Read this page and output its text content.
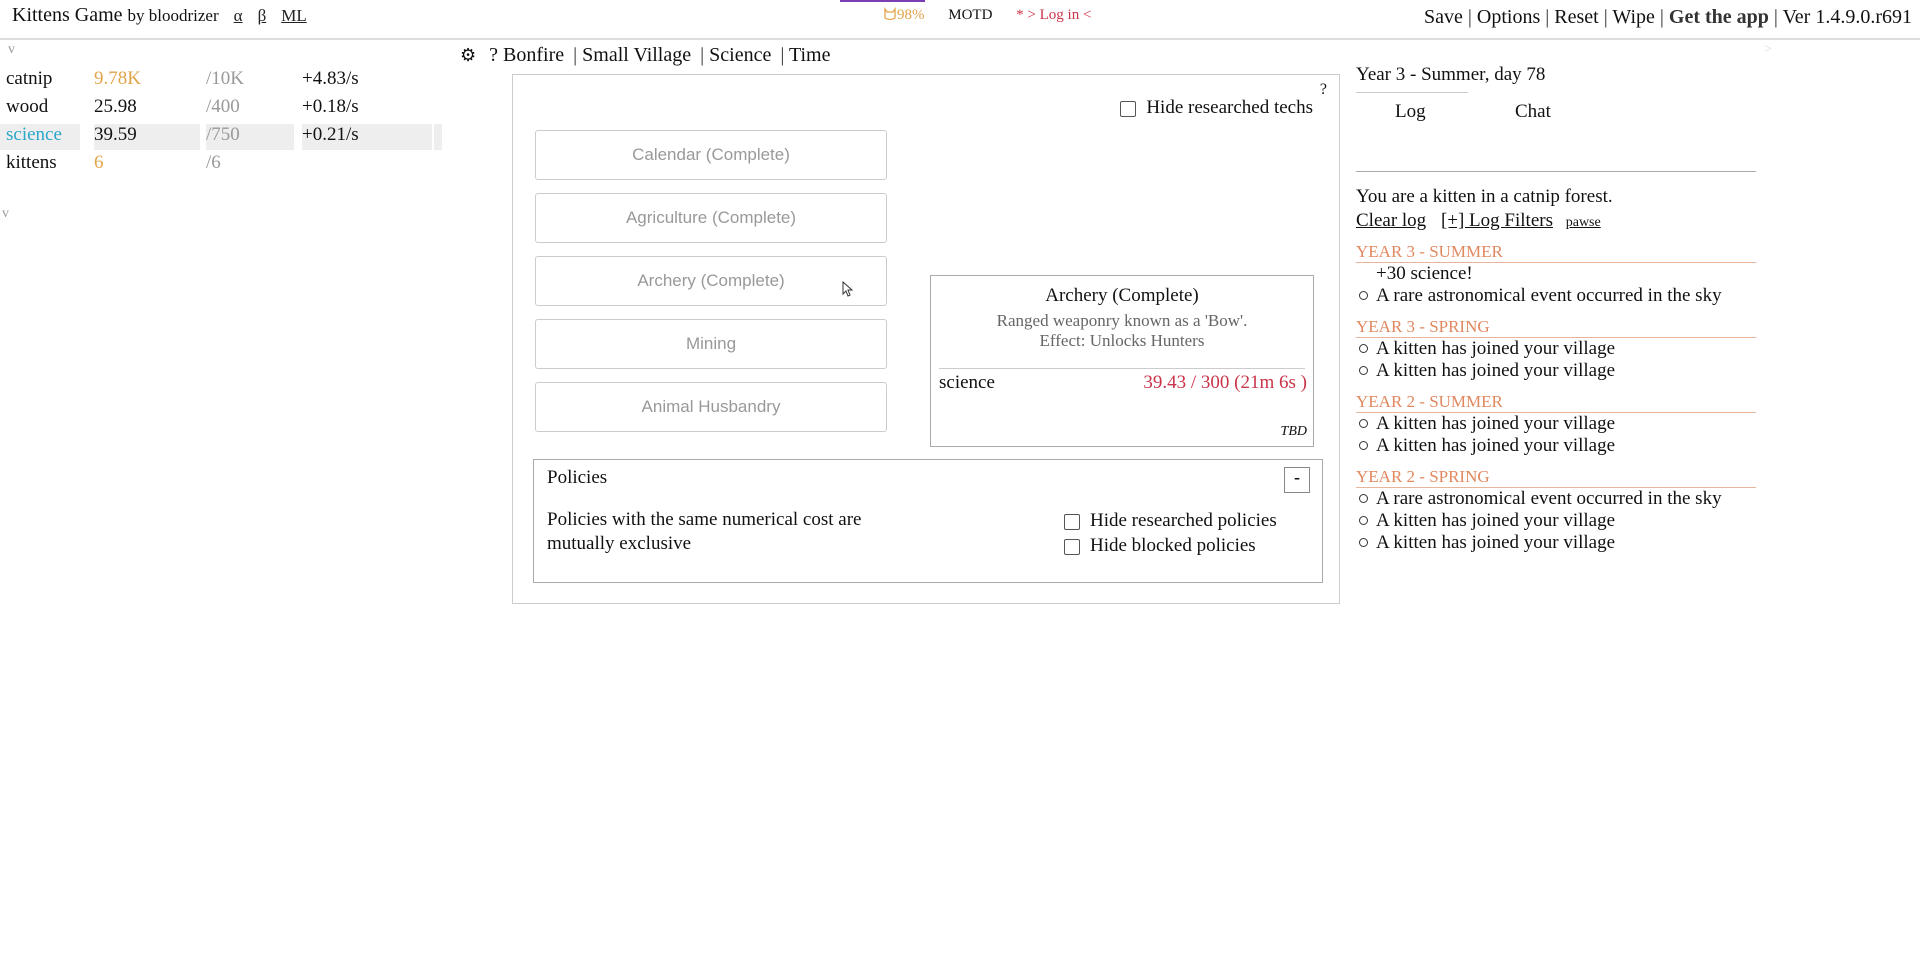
Kittens Game by bloodrizer α β ML	98% MOTD * > Log in <	Save | Options | Reset | Wipe | Get the app | Ver 1.4.9.0.r691
v
v
catnip 9.78K	/10K	+4.83/s
wood 25.98	/400	+0.18/s
science 39.59	/750	+0.21/s
kittens 6	/6
⚙ ? Bonfire | Small Village | Science | Time
?
Hide researched techs
Calendar (Complete)
Agriculture (Complete)
Archery (Complete)
Mining
Animal Husbandry
Archery (Complete)
Ranged weaponry known as a 'Bow'.
Effect: Unlocks Hunters
science	39.43 / 300 (21m 6s )
TBD
Policies	-
Policies with the same numerical cost are mutually exclusive
Hide researched policies
Hide blocked policies
>
Year 3 - Summer, day 78
Log	Chat
You are a kitten in a catnip forest.
Clear log [+] Log Filters pawse
YEAR 3 - SUMMER
+30 science!
A rare astronomical event occurred in the sky
YEAR 3 - SPRING
A kitten has joined your village
A kitten has joined your village
YEAR 2 - SUMMER
A kitten has joined your village
A kitten has joined your village
YEAR 2 - SPRING
A rare astronomical event occurred in the sky
A kitten has joined your village
A kitten has joined your village
